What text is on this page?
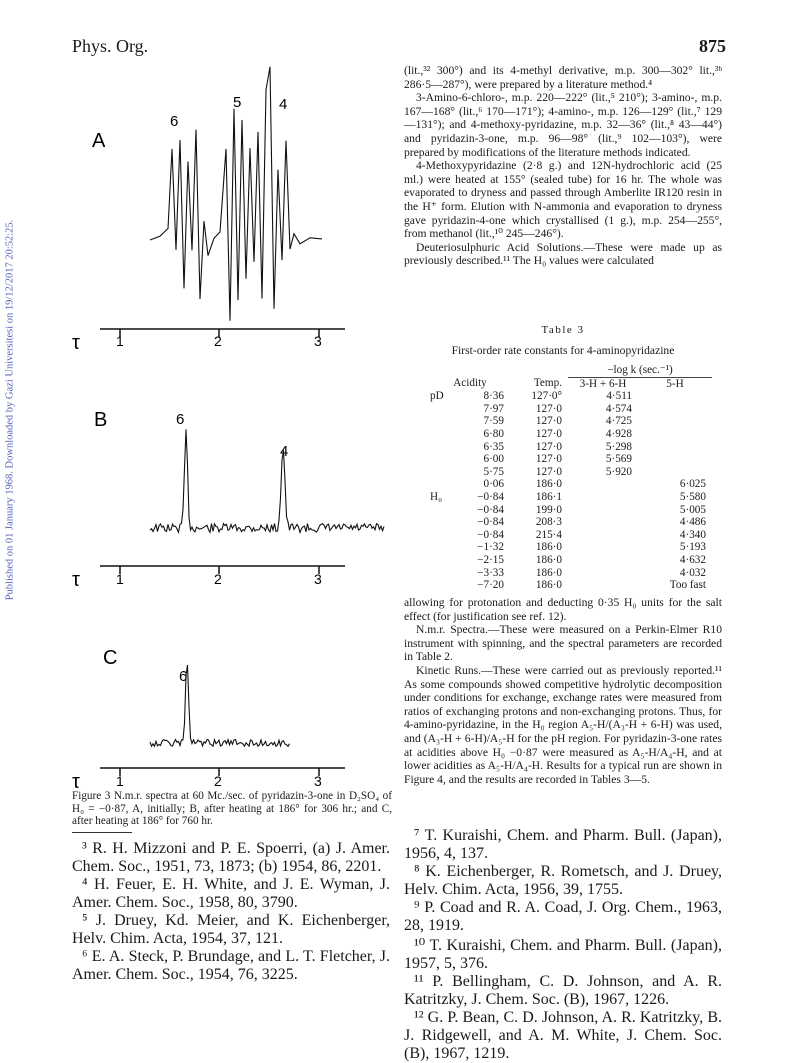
Phys. Org.	875
Published on 01 January 1968. Downloaded by Gazi Universitesi on 19/12/2017 20:52:25.
A
6
5	4
τ	1	2	3
B	6
4
τ	1	2	3
C
6
τ	1	2	3

(lit.,³² 300°) and its 4-methyl derivative, m.p. 300—302° lit.,³ᵇ 286·5—287°), were prepared by a literature method.⁴

3-Amino-6-chloro-, m.p. 220—222° (lit.,⁵ 210°); 3-amino-, m.p. 167—168° (lit.,⁶ 170—171°); 4-amino-, m.p. 126—129° (lit.,⁷ 129—131°); and 4-methoxy-pyridazine, m.p. 32—36° (lit.,⁸ 43—44°) and pyridazin-3-one, m.p. 96—98° (lit.,⁹ 102—103°), were prepared by modifications of the literature methods indicated.

4-Methoxypyridazine (2·8 g.) and 12N-hydrochloric acid (25 ml.) were heated at 155° (sealed tube) for 16 hr. The whole was evaporated to dryness and passed through Amberlite IR120 resin in the H⁺ form. Elution with N-ammonia and evaporation to dryness gave pyridazin-4-one which crystallised (1 g.), m.p. 254—255°, from methanol (lit.,¹⁰ 245—246°).

Deuteriosulphuric Acid Solutions.—These were made up as previously described.¹¹ The H₀ values were calculated

Table 3
First-order rate constants for 4-aminopyridazine
			−log k (sec.⁻¹)	
Acidity		Temp.	3-H + 6-H	5-H
pD	8·36	127·0°	4·511	
	7·97	127·0	4·574	
	7·59	127·0	4·725	
	6·80	127·0	4·928	
	6·35	127·0	5·298	
	6·00	127·0	5·569	
	5·75	127·0	5·920	
	0·06	186·0		6·025
H₀	−0·84	186·1		5·580
	−0·84	199·0		5·005
	−0·84	208·3		4·486
	−0·84	215·4		4·340
	−1·32	186·0		5·193
	−2·15	186·0		4·632
	−3·33	186·0		4·032
	−7·20	186·0		Too fast

allowing for protonation and deducting 0·35 H₀ units for the salt effect (for justification see ref. 12).

N.m.r. Spectra.—These were measured on a Perkin-Elmer R10 instrument with spinning, and the spectral parameters are recorded in Table 2.

Kinetic Runs.—These were carried out as previously reported.¹¹ As some compounds showed competitive hydrolytic decomposition under conditions for exchange, exchange rates were measured from ratios of exchanging protons and non-exchanging protons. Thus, for 4-amino-pyridazine, in the H₀ region A₅-H/(A₃-H + 6-H) was used, and (A₃-H + 6-H)/A₅-H for the pH region. For pyridazin-3-one rates at acidities above H₀ −0·87 were measured as A₅-H/A₄-H, and at lower acidities as A₅-H/A₄-H. Results for a typical run are shown in Figure 4, and the results are recorded in Tables 3—5.

Figure 3 N.m.r. spectra at 60 Mc./sec. of pyridazin-3-one in D₂SO₄ of H₀ = −0·87, A, initially; B, after heating at 186° for 306 hr.; and C, after heating at 186° for 760 hr.

³ R. H. Mizzoni and P. E. Spoerri, (a) J. Amer. Chem. Soc., 1951, 73, 1873; (b) 1954, 86, 2201.

⁴ H. Feuer, E. H. White, and J. E. Wyman, J. Amer. Chem. Soc., 1958, 80, 3790.

⁵ J. Druey, Kd. Meier, and K. Eichenberger, Helv. Chim. Acta, 1954, 37, 121.

⁶ E. A. Steck, P. Brundage, and L. T. Fletcher, J. Amer. Chem. Soc., 1954, 76, 3225.

⁷ T. Kuraishi, Chem. and Pharm. Bull. (Japan), 1956, 4, 137.

⁸ K. Eichenberger, R. Rometsch, and J. Druey, Helv. Chim. Acta, 1956, 39, 1755.

⁹ P. Coad and R. A. Coad, J. Org. Chem., 1963, 28, 1919.

¹⁰ T. Kuraishi, Chem. and Pharm. Bull. (Japan), 1957, 5, 376.

¹¹ P. Bellingham, C. D. Johnson, and A. R. Katritzky, J. Chem. Soc. (B), 1967, 1226.

¹² G. P. Bean, C. D. Johnson, A. R. Katritzky, B. J. Ridgewell, and A. M. White, J. Chem. Soc. (B), 1967, 1219.
